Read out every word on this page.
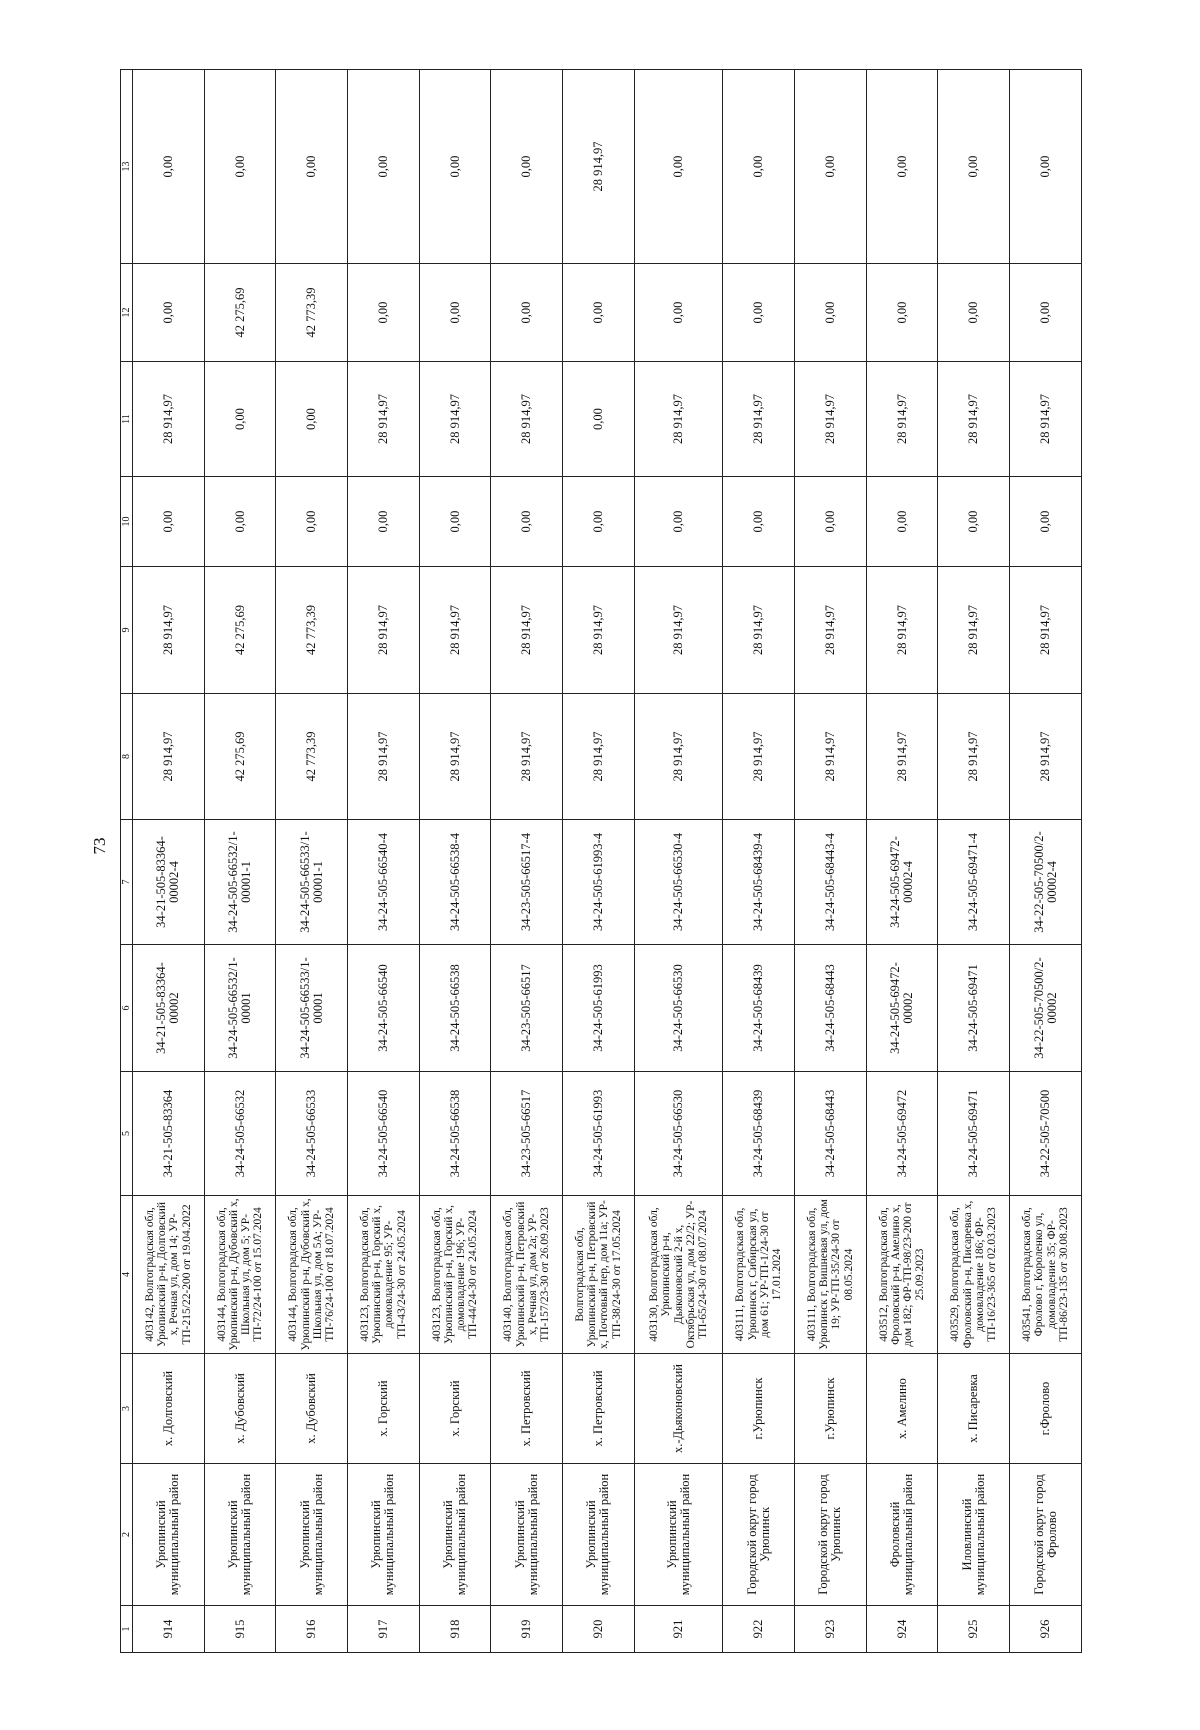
73
1	2	3	4	5	6	7	8	9	10	11	12	13
914	Урюпинский муниципальный район	х. Долговский	403142, Волгоградская обл, Урюпинский р-н, Долговский х, Речная ул, дом 14; УР-ТП-215/22-200 от 19.04.2022	34-21-505-83364	34-21-505-83364-00002	34-21-505-83364-00002-4	28 914,97	28 914,97	0,00	28 914,97	0,00	0,00
915	Урюпинский муниципальный район	х. Дубовский	403144, Волгоградская обл, Урюпинский р-н, Дубовский х, Школьная ул, дом 5; УР-ТП-72/24-100 от 15.07.2024	34-24-505-66532	34-24-505-66532/1-00001	34-24-505-66532/1-00001-1	42 275,69	42 275,69	0,00	0,00	42 275,69	0,00
916	Урюпинский муниципальный район	х. Дубовский	403144, Волгоградская обл, Урюпинский р-н, Дубовский х, Школьная ул, дом 5А; УР-ТП-76/24-100 от 18.07.2024	34-24-505-66533	34-24-505-66533/1-00001	34-24-505-66533/1-00001-1	42 773,39	42 773,39	0,00	0,00	42 773,39	0,00
917	Урюпинский муниципальный район	х. Горский	403123, Волгоградская обл, Урюпинский р-н, Горский х, домовладение 95; УР-ТП-43/24-30 от 24.05.2024	34-24-505-66540	34-24-505-66540	34-24-505-66540-4	28 914,97	28 914,97	0,00	28 914,97	0,00	0,00
918	Урюпинский муниципальный район	х. Горский	403123, Волгоградская обл, Урюпинский р-н, Горский х, домовладение 196; УР-ТП-44/24-30 от 24.05.2024	34-24-505-66538	34-24-505-66538	34-24-505-66538-4	28 914,97	28 914,97	0,00	28 914,97	0,00	0,00
919	Урюпинский муниципальный район	х. Петровский	403140, Волгоградская обл, Урюпинский р-н, Петровский х, Речная ул, дом 2а; УР-ТП-157/23-30 от 26.09.2023	34-23-505-66517	34-23-505-66517	34-23-505-66517-4	28 914,97	28 914,97	0,00	28 914,97	0,00	0,00
920	Урюпинский муниципальный район	х. Петровский	Волгоградская обл, Урюпинский р-н, Петровский х, Почтовый пер, дом 11а; УР-ТП-38/24-30 от 17.05.2024	34-24-505-61993	34-24-505-61993	34-24-505-61993-4	28 914,97	28 914,97	0,00	0,00	0,00	28 914,97
921	Урюпинский муниципальный район	х.-Дьяконовский	403130, Волгоградская обл, Урюпинский р-н, Дьяконовский 2-й х, Октябрьская ул, дом 22/2; УР-ТП-65/24-30 от 08.07.2024	34-24-505-66530	34-24-505-66530	34-24-505-66530-4	28 914,97	28 914,97	0,00	28 914,97	0,00	0,00
922	Городской округ город Урюпинск	г.Урюпинск	403111, Волгоградская обл, Урюпинск г, Сибирская ул, дом 61; УР-ТП-1/24-30 от 17.01.2024	34-24-505-68439	34-24-505-68439	34-24-505-68439-4	28 914,97	28 914,97	0,00	28 914,97	0,00	0,00
923	Городской округ город Урюпинск	г.Урюпинск	403111, Волгоградская обл, Урюпинск г, Вишневая ул, дом 19; УР-ТП-35/24-30 от 08.05.2024	34-24-505-68443	34-24-505-68443	34-24-505-68443-4	28 914,97	28 914,97	0,00	28 914,97	0,00	0,00
924	Фроловский муниципальный район	х. Амелино	403512, Волгоградская обл, Фроловский р-н, Амелино х, дом 182; ФР-ТП-98/23-200 от 25.09.2023	34-24-505-69472	34-24-505-69472-00002	34-24-505-69472-00002-4	28 914,97	28 914,97	0,00	28 914,97	0,00	0,00
925	Иловлинский муниципальный район	х. Писаревка	403529, Волгоградская обл, Фроловский р-н, Писаревка х, домовладение 186; ФР-ТП-16/23-365 от 02.03.2023	34-24-505-69471	34-24-505-69471	34-24-505-69471-4	28 914,97	28 914,97	0,00	28 914,97	0,00	0,00
926	Городской округ город Фролово	г.Фролово	403541, Волгоградская обл, Фролово г, Короленко ул, домовладение 35; ФР-ТП-86/23-135 от 30.08.2023	34-22-505-70500	34-22-505-70500/2-00002	34-22-505-70500/2-00002-4	28 914,97	28 914,97	0,00	28 914,97	0,00	0,00
